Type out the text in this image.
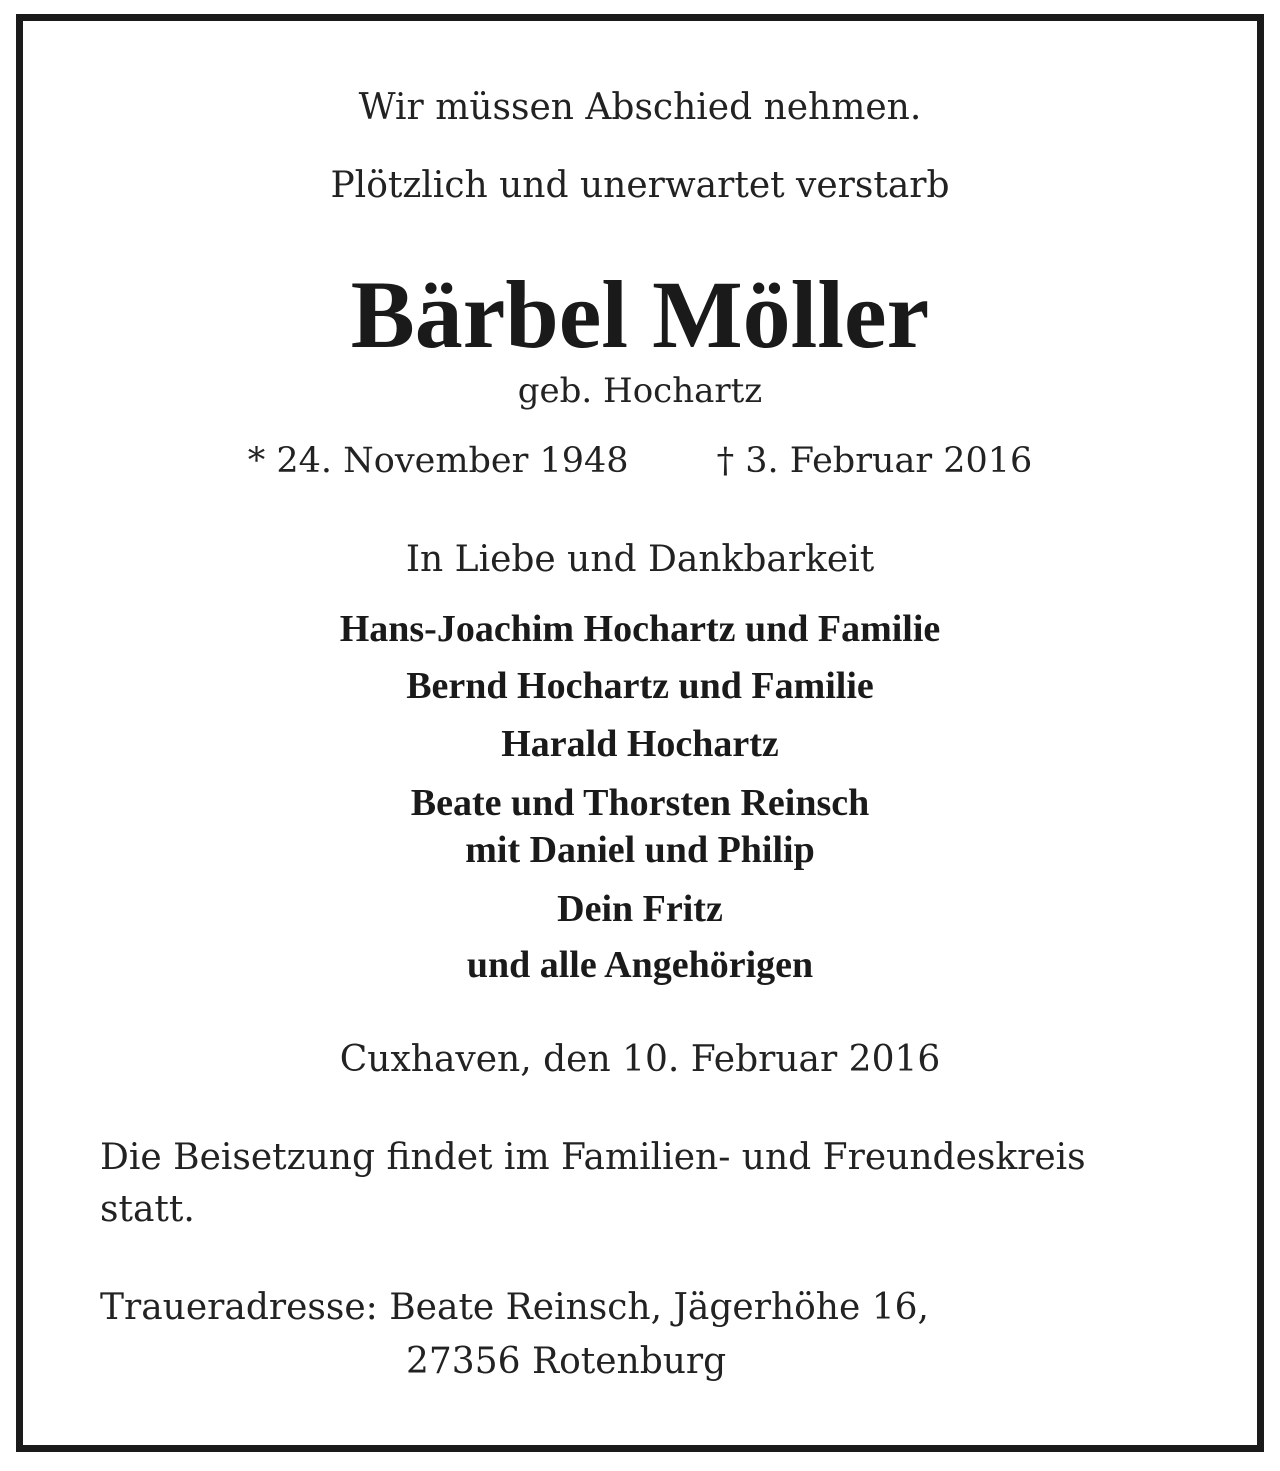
Wir müssen Abschied nehmen.
Plötzlich und unerwartet verstarb
Bärbel Möller
geb. Hochartz
* 24. November 1948	† 3. Februar 2016
In Liebe und Dankbarkeit
Hans-Joachim Hochartz und Familie
Bernd Hochartz und Familie
Harald Hochartz
Beate und Thorsten Reinsch
mit Daniel und Philip
Dein Fritz
und alle Angehörigen
Cuxhaven, den 10. Februar 2016
Die Beisetzung findet im Familien- und Freundeskreis
statt.
Traueradresse: Beate Reinsch, Jägerhöhe 16,
27356 Rotenburg
